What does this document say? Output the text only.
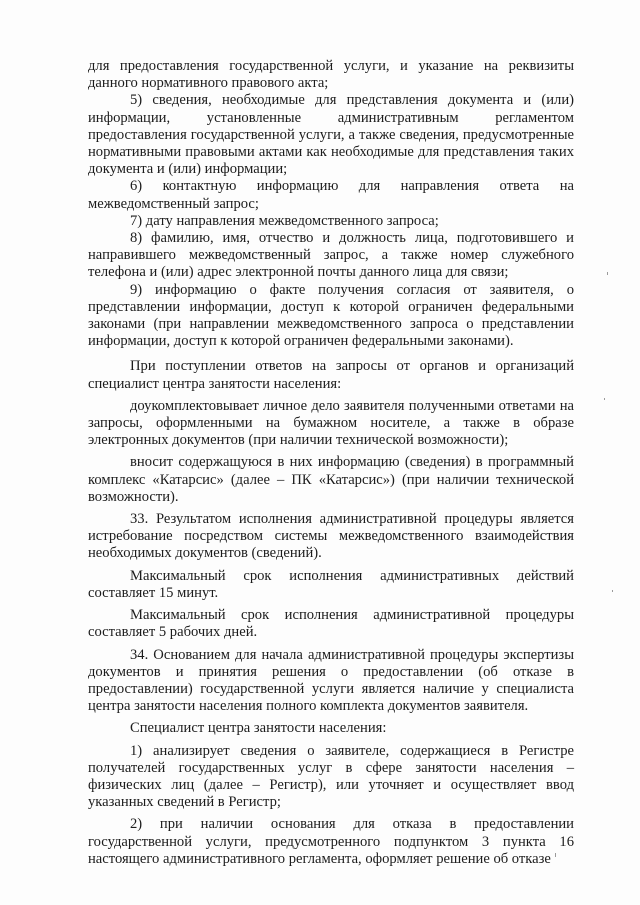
для предоставления государственной услуги, и указание на реквизиты данного нормативного правового акта;

5) сведения, необходимые для представления документа и (или) информации, установленные административным регламентом предоставления государственной услуги, а также сведения, предусмотренные нормативными правовыми актами как необходимые для представления таких документа и (или) информации;

6) контактную информацию для направления ответа на межведомственный запрос;

7) дату направления межведомственного запроса;

8) фамилию, имя, отчество и должность лица, подготовившего и направившего межведомственный запрос, а также номер служебного телефона и (или) адрес электронной почты данного лица для связи;

9) информацию о факте получения согласия от заявителя, о представлении информации, доступ к которой ограничен федеральными законами (при направлении межведомственного запроса о представлении информации, доступ к которой ограничен федеральными законами).

При поступлении ответов на запросы от органов и организаций специалист центра занятости населения:

доукомплектовывает личное дело заявителя полученными ответами на запросы, оформленными на бумажном носителе, а также в образе электронных документов (при наличии технической возможности);

вносит содержащуюся в них информацию (сведения) в программный комплекс «Катарсис» (далее – ПК «Катарсис») (при наличии технической возможности).

33. Результатом исполнения административной процедуры является истребование посредством системы межведомственного взаимодействия необходимых документов (сведений).

Максимальный срок исполнения административных действий составляет 15 минут.

Максимальный срок исполнения административной процедуры составляет 5 рабочих дней.

34. Основанием для начала административной процедуры экспертизы документов и принятия решения о предоставлении (об отказе в предоставлении) государственной услуги является наличие у специалиста центра занятости населения полного комплекта документов заявителя.

Специалист центра занятости населения:

1) анализирует сведения о заявителе, содержащиеся в Регистре получателей государственных услуг в сфере занятости населения – физических лиц (далее – Регистр), или уточняет и осуществляет ввод указанных сведений в Регистр;

2) при наличии основания для отказа в предоставлении государственной услуги, предусмотренного подпунктом 3 пункта 16 настоящего административного регламента, оформляет решение об отказе
